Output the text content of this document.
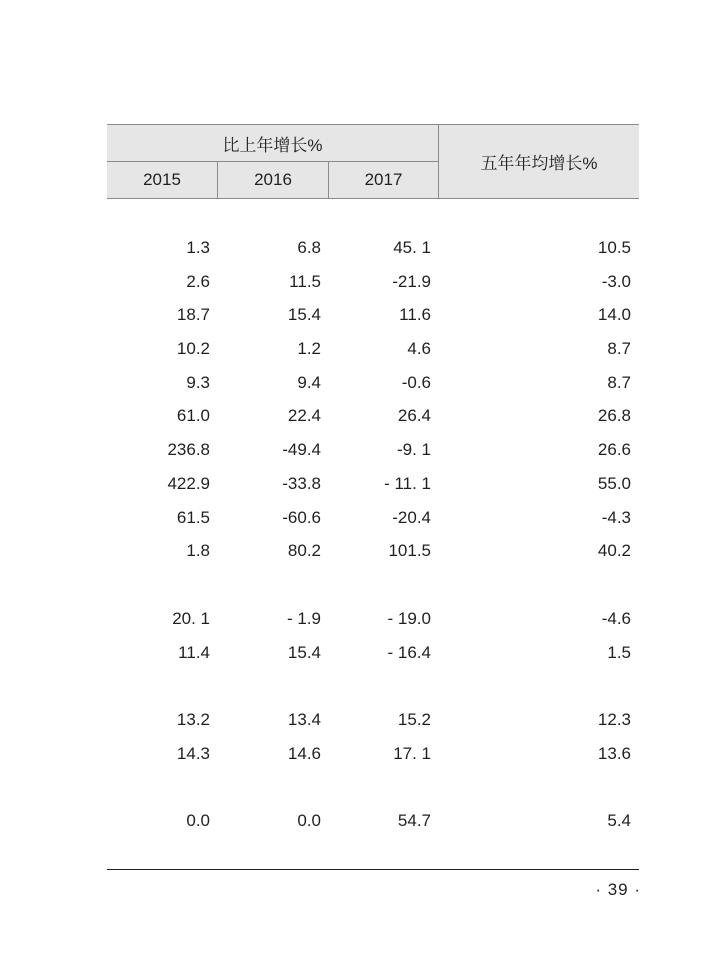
比上年增长%
2015	2016	2017
五年年均增长%
1.3	6.8	45. 1	10.5
2.6	11.5	-21.9	-3.0
18.7	15.4	11.6	14.0
10.2	1.2	4.6	8.7
9.3	9.4	-0.6	8.7
61.0	22.4	26.4	26.8
236.8	-49.4	-9. 1	26.6
422.9	-33.8	- 11. 1	55.0
61.5	-60.6	-20.4	-4.3
1.8	80.2	101.5	40.2
20. 1	- 1.9	- 19.0	-4.6
11.4	15.4	- 16.4	1.5
13.2	13.4	15.2	12.3
14.3	14.6	17. 1	13.6
0.0	0.0	54.7	5.4
· 39 ·
